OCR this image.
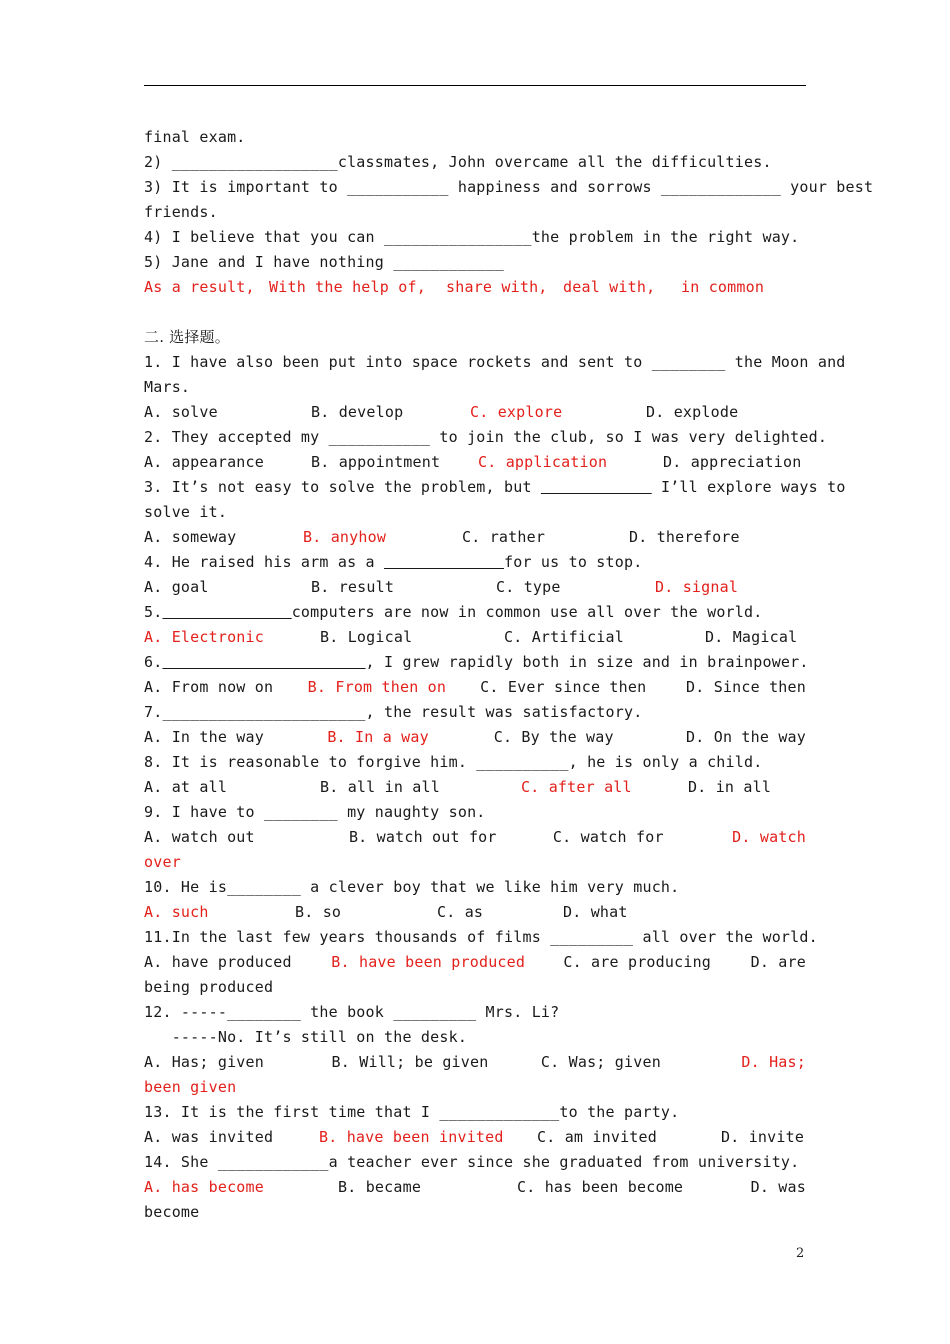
final exam.
2) __________________classmates, John overcame all the difficulties.
3) It is important to ___________ happiness and sorrows _____________ your best
friends.
4) I believe that you can ________________the problem in the right way.
5) Jane and I have nothing ____________
As a result, With the help of,	share with,	deal with,	in common
二. 选择题。
1. I have also been put into space rockets and sent to ________ the Moon and
Mars.
A. solve	B. develop	C. explore	D. explode
2. They accepted my ___________ to join the club, so I was very delighted.
A. appearance	B. appointment	C. application	D. appreciation
3. It’s not easy to solve the problem, but	I’ll explore ways to
solve it.
A. someway	B. anyhow	C. rather	D. therefore
4. He raised his arm as a	for us to stop.
A. goal	B. result	C. type	D. signal
5.	computers are now in common use all over the world.
A. Electronic	B. Logical	C. Artificial	D. Magical
6.	, I grew rapidly both in size and in brainpower.
A. From now on	B. From then on	C. Ever since then	D. Since then
7.______________________, the result was satisfactory.
A. In the way	B. In a way	C. By the way	D. On the way
8. It is reasonable to forgive him. __________, he is only a child.
A. at all	B. all in all	C. after all	D. in all
9. I have to ________ my naughty son.
A. watch out	B. watch out for	C. watch for	D. watch
over
10. He is________ a clever boy that we like him very much.
A. such	B. so	C. as	D. what
11.In the last few years thousands of films _________ all over the world.
A. have produced	B. have been produced	C. are producing	D. are
being produced
12. -----________ the book _________ Mrs. Li?
-----No. It’s still on the desk.
A. Has; given	B. Will; be given	C. Was; given	D. Has;
been given
13. It is the first time that I _____________to the party.
A. was invited	B. have been invited	C. am invited	D. invite
14. She ____________a teacher ever since she graduated from university.
A. has become	B. became	C. has been become	D. was
become
2
